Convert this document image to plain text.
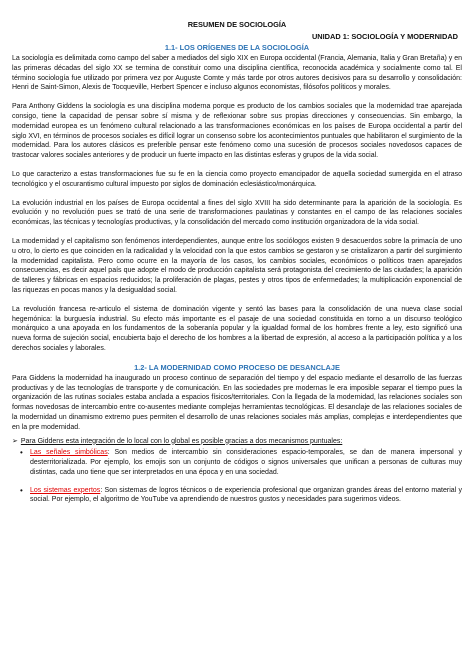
RESUMEN DE SOCIOLOGÍA
UNIDAD 1: SOCIOLOGÍA Y MODERNIDAD
1.1- LOS ORÍGENES DE LA SOCIOLOGÍA

La sociología es delimitada como campo del saber a mediados del siglo XIX en Europa occidental (Francia, Alemania, Italia y Gran Bretaña) y en las primeras décadas del siglo XX se termina de constituir como una disciplina científica, reconocida académica y socialmente como tal. El término sociología fue utilizado por primera vez por Auguste Comte y más tarde por otros autores decisivos para su desarrollo y consolidación: Henri de Saint-Simon, Alexis de Tocqueville, Herbert Spencer e incluso algunos economistas, filósofos políticos y morales.

Para Anthony Giddens la sociología es una disciplina moderna porque es producto de los cambios sociales que la modernidad trae aparejada consigo, tiene la capacidad de pensar sobre sí misma y de reflexionar sobre sus propias direcciones y consecuencias. Sin embargo, la modernidad europea es un fenómeno cultural relacionado a las transformaciones económicas en los países de Europa occidental a partir del siglo XVI, en términos de procesos sociales es difícil lograr un consenso sobre los acontecimientos puntuales que habilitaron el surgimiento de la modernidad. Para los autores clásicos es preferible pensar este fenómeno como una sucesión de procesos sociales novedosos capaces de trastocar valores sociales anteriores y de producir un fuerte impacto en las distintas esferas y grupos de la vida social.

Lo que caracterizo a estas transformaciones fue su fe en la ciencia como proyecto emancipador de aquella sociedad sumergida en el atraso tecnológico y el oscurantismo cultural impuesto por siglos de dominación eclesiástico/monárquica.

La evolución industrial en los países de Europa occidental a fines del siglo XVIII ha sido determinante para la aparición de la sociología. Es evolución y no revolución pues se trató de una serie de transformaciones paulatinas y constantes en el campo de las relaciones sociales económicas, las técnicas y tecnologías productivas, y la consolidación del mercado como institución organizadora de la vida social.

La modernidad y el capitalismo son fenómenos interdependientes, aunque entre los sociólogos existen 9 desacuerdos sobre la primacía de uno u otro, lo cierto es que coinciden en la radicalidad y la velocidad con la que estos cambios se gestaron y se cristalizaron a partir del surgimiento la modernidad capitalista. Pero como ocurre en la mayoría de los casos, los cambios sociales, económicos o políticos traen aparejados consecuencias, es decir aquel país que adopte el modo de producción capitalista será protagonista del crecimiento de las ciudades; la aparición de talleres y fábricas en espacios reducidos; la proliferación de plagas, pestes y otros tipos de enfermedades; la multiplicación exponencial de las riquezas en pocas manos y la desigualdad social.

La revolución francesa re-articulo el sistema de dominación vigente y sentó las bases para la consolidación de una nueva clase social hegemónica: la burguesía industrial. Su efecto más importante es el pasaje de una sociedad constituida en torno a un discurso teológico monárquico a una apoyada en los fundamentos de la soberanía popular y la igualdad formal de los hombres frente a ley, esto significó una nueva forma de sujeción social, encubierta bajo el derecho de los hombres a la libertad de expresión, al acceso a la participación política y a los derechos sociales y laborales.

1.2- LA MODERNIDAD COMO PROCESO DE DESANCLAJE

Para Giddens la modernidad ha inaugurado un proceso continuo de separación del tiempo y del espacio mediante el desarrollo de las fuerzas productivas y de las tecnologías de transporte y de comunicación. En las sociedades pre modernas le era imposible separar el tiempo pues la organización de las rutinas sociales estaba anclada a espacios físicos/territoriales. Con la llegada de la modernidad, las relaciones sociales son formas novedosas de intercambio entre co-ausentes mediante complejas herramientas tecnológicas. El desanclaje de las relaciones sociales de la modernidad un dinamismo extremo pues permiten el desarrollo de unas relaciones sociales más amplias, complejas e interdependientes que en la pre modernidad.

➢ Para Giddens esta integración de lo local con lo global es posible gracias a dos mecanismos puntuales:
• Las señales simbólicas: Son medios de intercambio sin consideraciones espacio-temporales, se dan de manera impersonal y desterritorializada. Por ejemplo, los emojis son un conjunto de códigos o signos universales que unifican a personas de culturas muy distintas, cada uno tiene que ser interpretados en una época y en una sociedad.
• Los sistemas expertos: Son sistemas de logros técnicos o de experiencia profesional que organizan grandes áreas del entorno material y social. Por ejemplo, el algoritmo de YouTube va aprendiendo de nuestros gustos y necesidades para sugerirnos videos.
